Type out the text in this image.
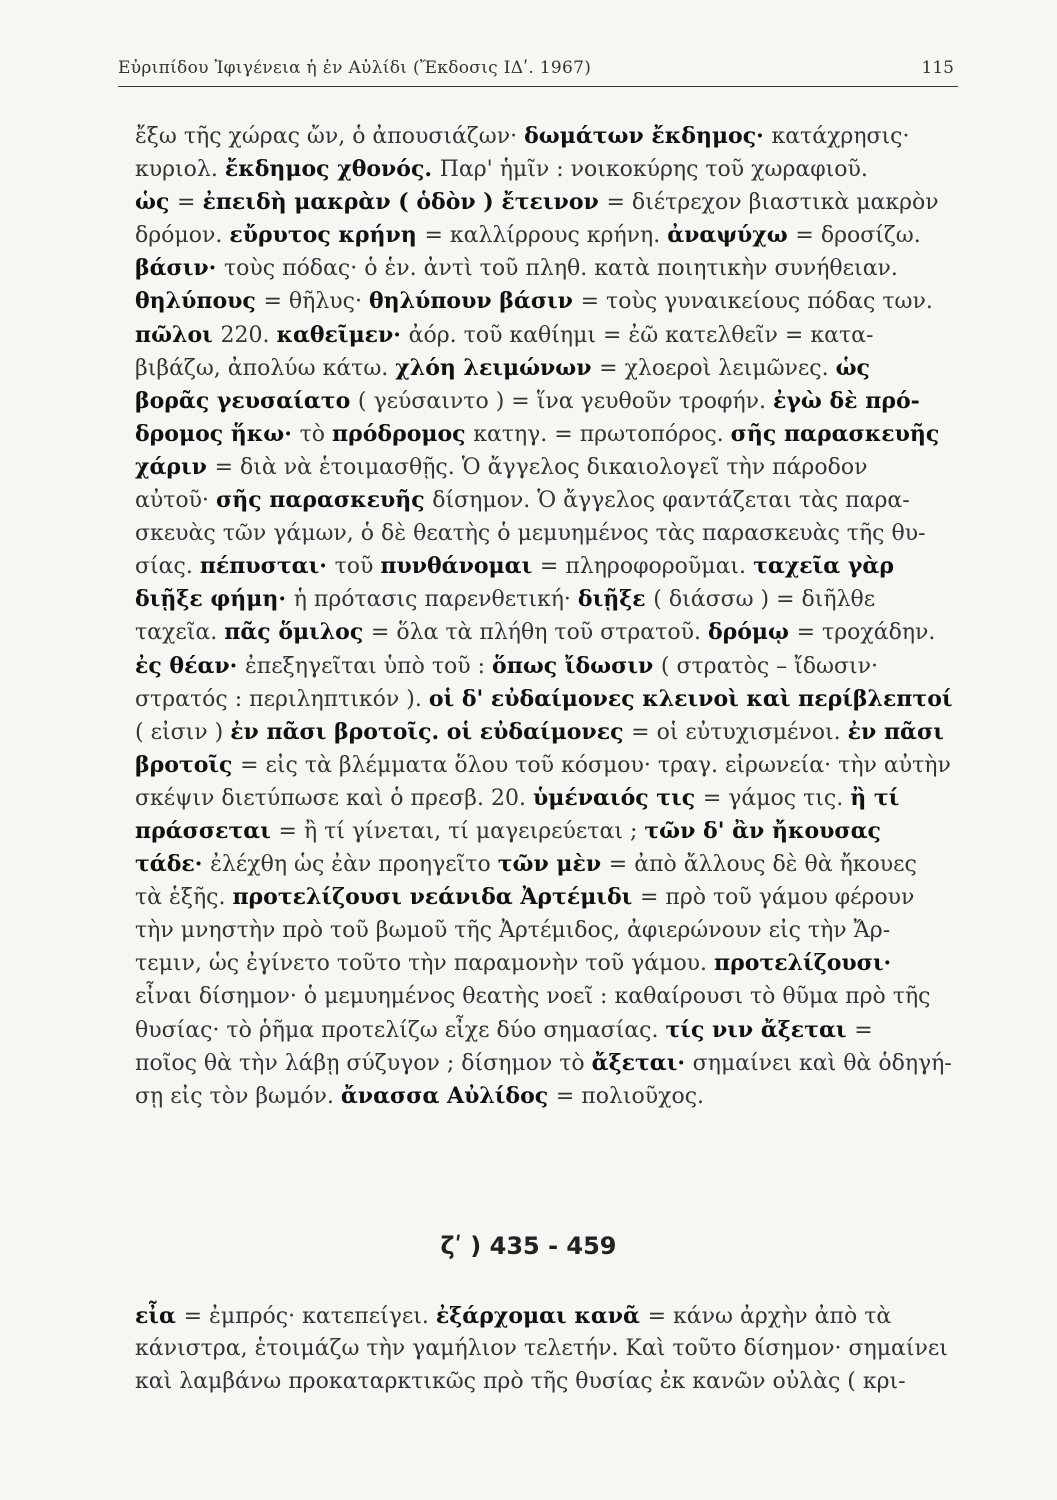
Εὐριπίδου Ἰφιγένεια ἡ ἐν Αὐλίδι (Ἔκδοσις ΙΔʹ. 1967)	115
ἔξω τῆς χώρας ὤν, ὁ ἀπουσιάζων· δωμάτων ἔκδημος· κατάχρησις·
κυριολ. ἔκδημος χθονός. Παρ' ἡμῖν : νοικοκύρης τοῦ χωραφιοῦ.
ὡς = ἐπειδὴ μακρὰν ( ὁδὸν ) ἔτεινον = διέτρεχον βιαστικὰ μακρὸν
δρόμον. εὔρυτος κρήνη = καλλίρρους κρήνη. ἀναψύχω = δροσίζω.
βάσιν· τοὺς πόδας· ὁ ἑν. ἀντὶ τοῦ πληθ. κατὰ ποιητικὴν συνήθειαν.
θηλύπους = θῆλυς· θηλύπουν βάσιν = τοὺς γυναικείους πόδας των.
πῶλοι 220. καθεῖμεν· ἀόρ. τοῦ καθίημι = ἐῶ κατελθεῖν = κατα-
βιβάζω, ἀπολύω κάτω. χλόη λειμώνων = χλοεροὶ λειμῶνες. ὡς
βορᾶς γευσαίατο ( γεύσαιντο ) = ἵνα γευθοῦν τροφήν. ἐγὼ δὲ πρό-
δρομος ἥκω· τὸ πρόδρομος κατηγ. = πρωτοπόρος. σῆς παρασκευῆς
χάριν = διὰ νὰ ἑτοιμασθῇς. Ὁ ἄγγελος δικαιολογεῖ τὴν πάροδον
αὐτοῦ· σῆς παρασκευῆς δίσημον. Ὁ ἄγγελος φαντάζεται τὰς παρα-
σκευὰς τῶν γάμων, ὁ δὲ θεατὴς ὁ μεμυημένος τὰς παρασκευὰς τῆς θυ-
σίας. πέπυσται· τοῦ πυνθάνομαι = πληροφοροῦμαι. ταχεῖα γὰρ
διῇξε φήμη· ἡ πρότασις παρενθετική· διῇξε ( διάσσω ) = διῆλθε
ταχεῖα. πᾶς ὅμιλος = ὅλα τὰ πλήθη τοῦ στρατοῦ. δρόμῳ = τροχάδην.
ἐς θέαν· ἐπεξηγεῖται ὑπὸ τοῦ : ὅπως ἴδωσιν ( στρατὸς – ἴδωσιν·
στρατός : περιληπτικόν ). οἱ δ' εὐδαίμονες κλεινοὶ καὶ περίβλεπτοί
( εἰσιν ) ἐν πᾶσι βροτοῖς. οἱ εὐδαίμονες = οἱ εὐτυχισμένοι. ἐν πᾶσι
βροτοῖς = εἰς τὰ βλέμματα ὅλου τοῦ κόσμου· τραγ. εἰρωνεία· τὴν αὐτὴν
σκέψιν διετύπωσε καὶ ὁ πρεσβ. 20. ὑμέναιός τις = γάμος τις. ἢ τί
πράσσεται = ἢ τί γίνεται, τί μαγειρεύεται ; τῶν δ' ἂν ἤκουσας
τάδε· ἐλέχθη ὡς ἐὰν προηγεῖτο τῶν μὲν = ἀπὸ ἄλλους δὲ θὰ ἤκουες
τὰ ἑξῆς. προτελίζουσι νεάνιδα Ἀρτέμιδι = πρὸ τοῦ γάμου φέρουν
τὴν μνηστὴν πρὸ τοῦ βωμοῦ τῆς Ἀρτέμιδος, ἀφιερώνουν εἰς τὴν Ἄρ-
τεμιν, ὡς ἐγίνετο τοῦτο τὴν παραμονὴν τοῦ γάμου. προτελίζουσι·
εἶναι δίσημον· ὁ μεμυημένος θεατὴς νοεῖ : καθαίρουσι τὸ θῦμα πρὸ τῆς
θυσίας· τὸ ῥῆμα προτελίζω εἶχε δύο σημασίας. τίς νιν ἄξεται =
ποῖος θὰ τὴν λάβῃ σύζυγον ; δίσημον τὸ ἄξεται· σημαίνει καὶ θὰ ὁδηγή-
σῃ εἰς τὸν βωμόν. ἄνασσα Αὐλίδος = πολιοῦχος.
ζʹ ) 435 - 459
εἶα = ἐμπρός· κατεπείγει. ἐξάρχομαι κανᾶ = κάνω ἀρχὴν ἀπὸ τὰ
κάνιστρα, ἑτοιμάζω τὴν γαμήλιον τελετήν. Καὶ τοῦτο δίσημον· σημαίνει
καὶ λαμβάνω προκαταρκτικῶς πρὸ τῆς θυσίας ἐκ κανῶν οὐλὰς ( κρι-
